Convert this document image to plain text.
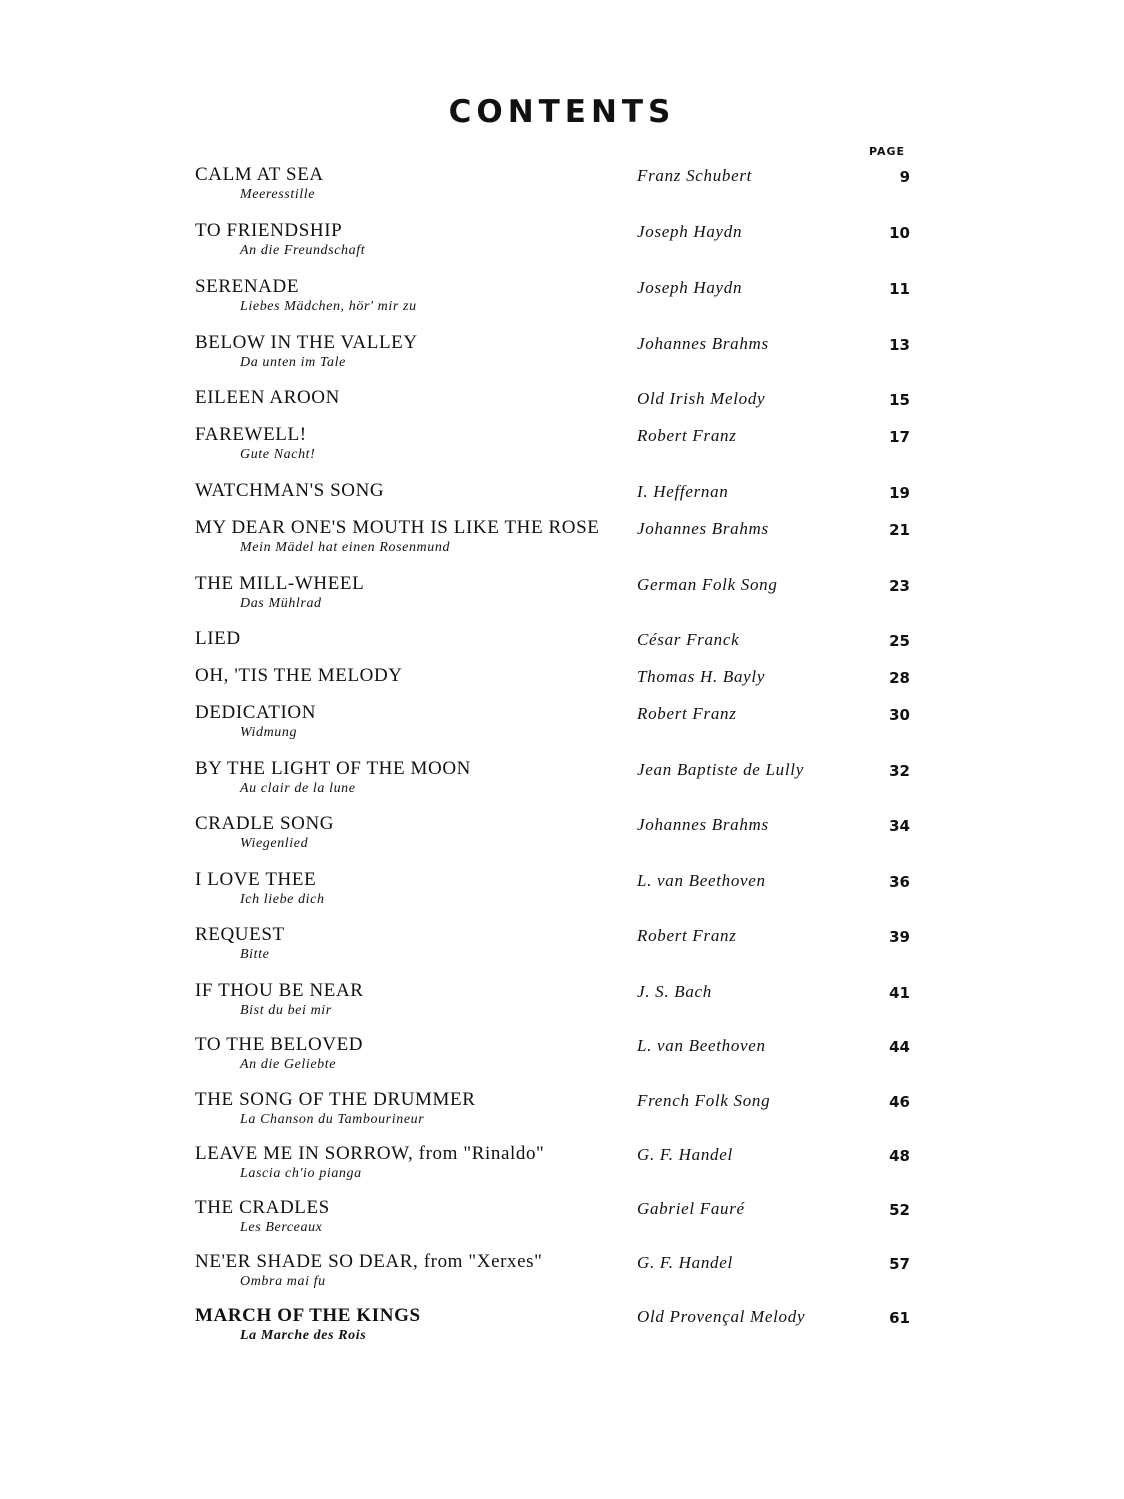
CONTENTS
PAGE
CALM AT SEA
Meeresstille
Franz Schubert	9
TO FRIENDSHIP
An die Freundschaft
Joseph Haydn	10
SERENADE
Liebes Mädchen, hör' mir zu
Joseph Haydn	11
BELOW IN THE VALLEY
Da unten im Tale
Johannes Brahms	13
EILEEN AROON	Old Irish Melody	15
FAREWELL!
Gute Nacht!
Robert Franz	17
WATCHMAN'S SONG	I. Heffernan	19
MY DEAR ONE'S MOUTH IS LIKE THE ROSE
Mein Mädel hat einen Rosenmund
Johannes Brahms	21
THE MILL-WHEEL
Das Mühlrad
German Folk Song	23
LIED	César Franck	25
OH, 'TIS THE MELODY	Thomas H. Bayly	28
DEDICATION
Widmung
Robert Franz	30
BY THE LIGHT OF THE MOON
Au clair de la lune
Jean Baptiste de Lully	32
CRADLE SONG
Wiegenlied
Johannes Brahms	34
I LOVE THEE
Ich liebe dich
L. van Beethoven	36
REQUEST
Bitte
Robert Franz	39
IF THOU BE NEAR
Bist du bei mir
J. S. Bach	41
TO THE BELOVED
An die Geliebte
L. van Beethoven	44
THE SONG OF THE DRUMMER
La Chanson du Tambourineur
French Folk Song	46
LEAVE ME IN SORROW, from "Rinaldo"
Lascia ch'io pianga
G. F. Handel	48
THE CRADLES
Les Berceaux
Gabriel Fauré	52
NE'ER SHADE SO DEAR, from "Xerxes"
Ombra mai fu
G. F. Handel	57
MARCH OF THE KINGS
La Marche des Rois
Old Provençal Melody	61
